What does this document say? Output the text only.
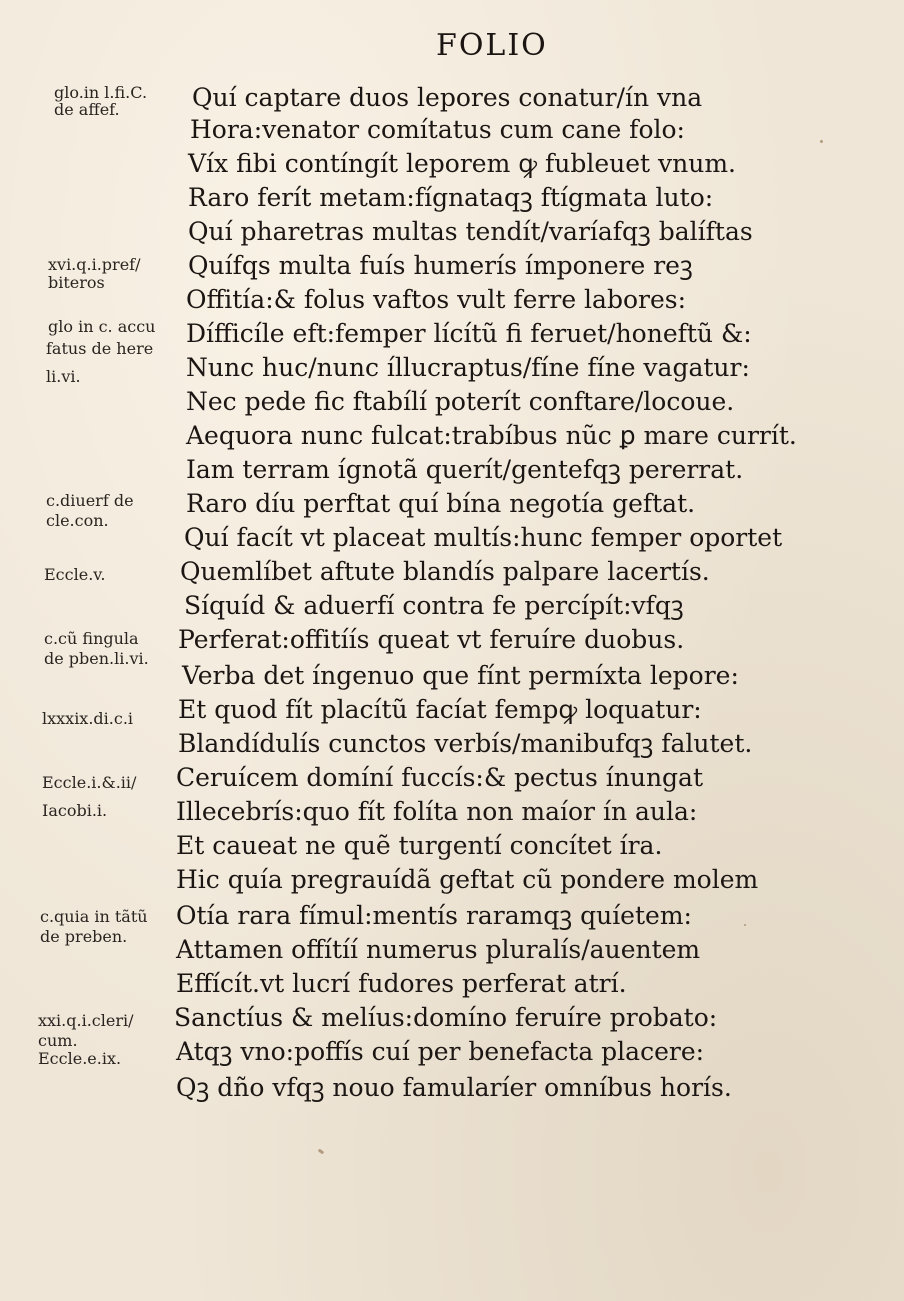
FOLIO
glo.in l.fi.C.
de affef.
xvi.q.i.pref/
biteros
glo in c. accu
fatus de here
li.vi.
c.diuerf de
cle.con.
Eccle.v.
c.cũ fingula
de pben.li.vi.
lxxxix.di.c.i
Eccle.i.&.ii/
Iacobi.i.
c.quia in tãtũ
de preben.
xxi.q.i.cleri/
cum.
Eccle.e.ix.
Quí captare duos lepores conatur/ín vna
Hora:venator comítatus cum cane folo:
Víx fibi contíngít leporem ꝙ fubleuet vnum.
Raro ferít metam:fígnataqꝫ ftígmata luto:
Quí pharetras multas tendít/varíafqꝫ balíftas
Quífqs multa fuís humerís ímponere reꝫ
Offitía:& folus vaftos vult ferre labores:
Dífficíle eft:femper lícítũ fi feruet/honeftũ &:
Nunc huc/nunc íllucraptus/fíne fíne vagatur:
Nec pede fic ftabílí poterít conftare/locoue.
Aequora nunc fulcat:trabíbus nũc ꝑ mare currít.
Iam terram ígnotã querít/gentefqꝫ pererrat.
Raro díu perftat quí bína negotía geftat.
Quí facít vt placeat multís:hunc femper oportet
Quemlíbet aftute blandís palpare lacertís.
Síquíd & aduerfí contra fe percípít:vfqꝫ
Perferat:offitíís queat vt feruíre duobus.
Verba det íngenuo que fínt permíxta lepore:
Et quod fít placítũ facíat fempꝙ loquatur:
Blandídulís cunctos verbís/manibufqꝫ falutet.
Ceruícem domíní fuccís:& pectus ínungat
Illecebrís:quo fít folíta non maíor ín aula:
Et caueat ne quẽ turgentí concítet íra.
Hic quía pregrauídã geftat cũ pondere molem
Otía rara fímul:mentís raramqꝫ quíetem:
Attamen offítíí numerus pluralís/auentem
Effícít.vt lucrí fudores perferat atrí.
Sanctíus & melíus:domíno feruíre probato:
Atqꝫ vno:poffís cuí per benefacta placere:
Qꝫ dño vfqꝫ nouo famularíer omníbus horís.
